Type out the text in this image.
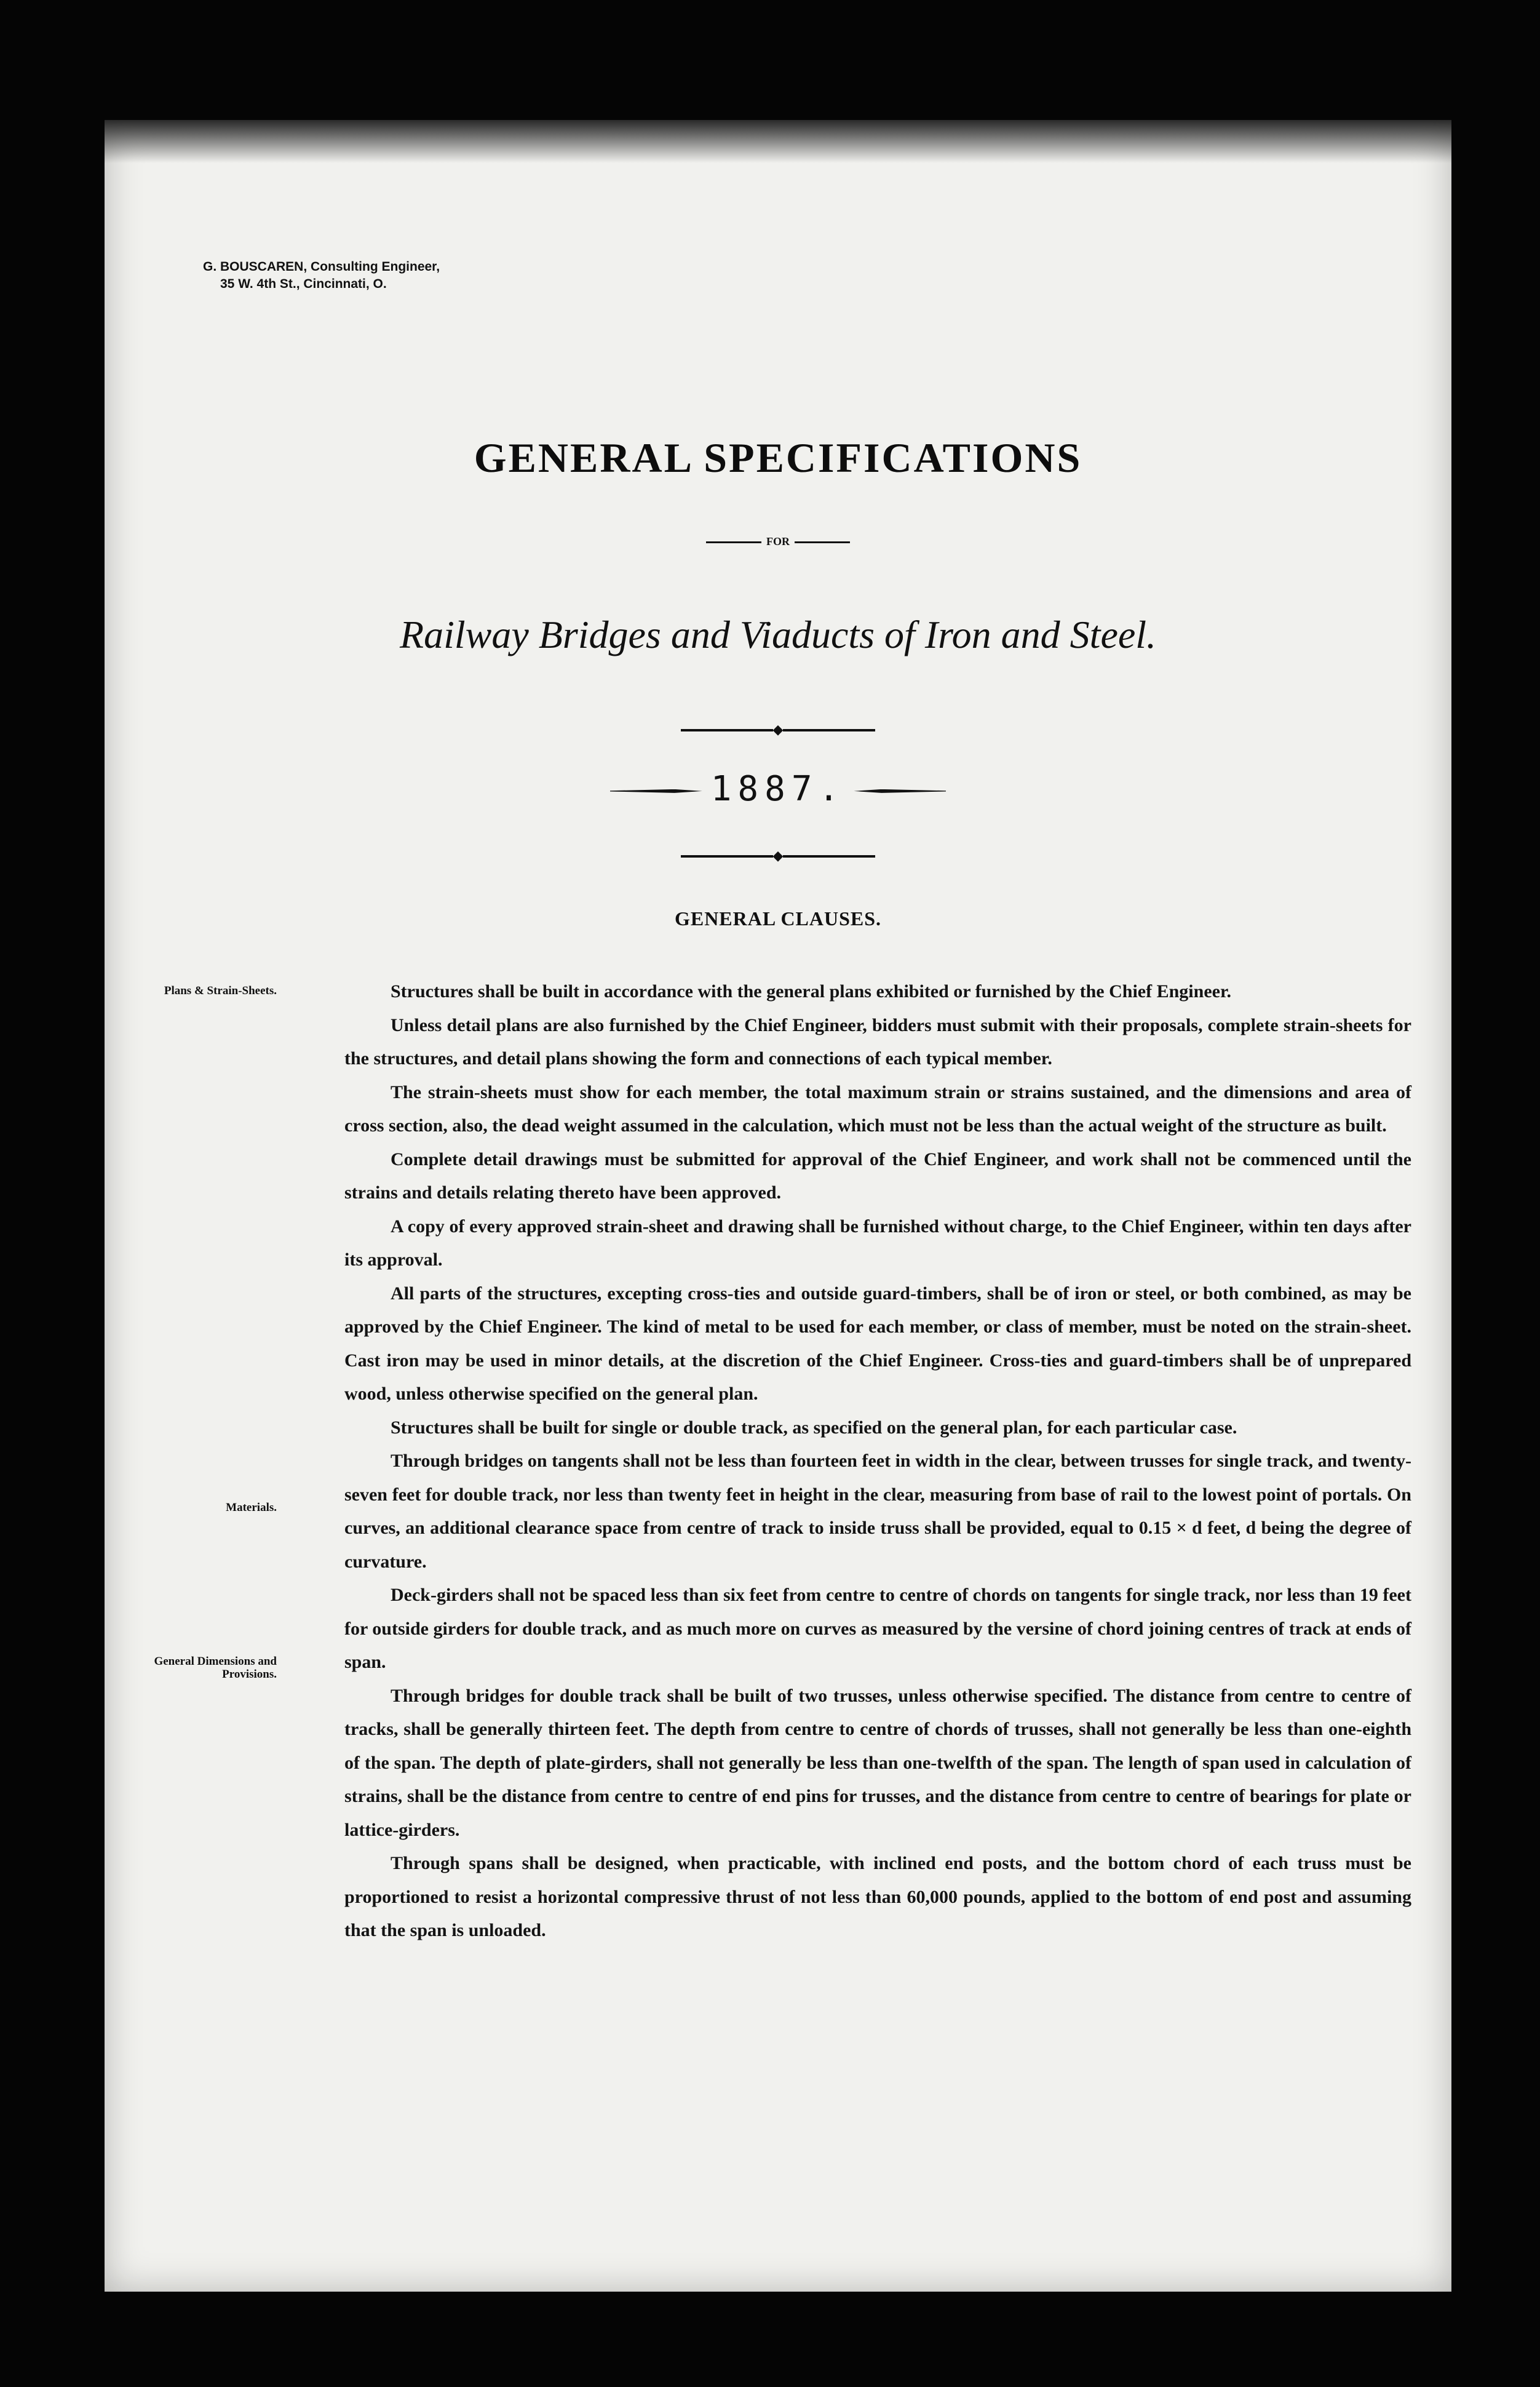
G. BOUSCAREN, Consulting Engineer,
35 W. 4th St., Cincinnati, O.
GENERAL SPECIFICATIONS
FOR
Railway Bridges and Viaducts of Iron and Steel.
◆
1887.
◆
GENERAL CLAUSES.
Plans & Strain-Sheets.
Materials.
General Dimensions and Provisions.

Structures shall be built in accordance with the general plans exhibited or furnished by the Chief Engineer.

Unless detail plans are also furnished by the Chief Engineer, bidders must submit with their proposals, complete strain-sheets for the structures, and detail plans showing the form and connections of each typical member.

The strain-sheets must show for each member, the total maximum strain or strains sustained, and the dimensions and area of cross section, also, the dead weight assumed in the calculation, which must not be less than the actual weight of the structure as built.

Complete detail drawings must be submitted for approval of the Chief Engineer, and work shall not be commenced until the strains and details relating thereto have been approved.

A copy of every approved strain-sheet and drawing shall be furnished without charge, to the Chief Engineer, within ten days after its approval.

All parts of the structures, excepting cross-ties and outside guard-timbers, shall be of iron or steel, or both combined, as may be approved by the Chief Engineer. The kind of metal to be used for each member, or class of member, must be noted on the strain-sheet. Cast iron may be used in minor details, at the discretion of the Chief Engineer. Cross-ties and guard-timbers shall be of unprepared wood, unless otherwise specified on the general plan.

Structures shall be built for single or double track, as specified on the general plan, for each particular case.

Through bridges on tangents shall not be less than fourteen feet in width in the clear, between trusses for single track, and twenty-seven feet for double track, nor less than twenty feet in height in the clear, measuring from base of rail to the lowest point of portals. On curves, an additional clearance space from centre of track to inside truss shall be provided, equal to 0.15 × d feet, d being the degree of curvature.

Deck-girders shall not be spaced less than six feet from centre to centre of chords on tangents for single track, nor less than 19 feet for outside girders for double track, and as much more on curves as measured by the versine of chord joining centres of track at ends of span.

Through bridges for double track shall be built of two trusses, unless otherwise specified. The distance from centre to centre of tracks, shall be generally thirteen feet. The depth from centre to centre of chords of trusses, shall not generally be less than one-eighth of the span. The depth of plate-girders, shall not generally be less than one-twelfth of the span. The length of span used in calculation of strains, shall be the distance from centre to centre of end pins for trusses, and the distance from centre to centre of bearings for plate or lattice-girders.

Through spans shall be designed, when practicable, with inclined end posts, and the bottom chord of each truss must be proportioned to resist a horizontal compressive thrust of not less than 60,000 pounds, applied to the bottom of end post and assuming that the span is unloaded.
